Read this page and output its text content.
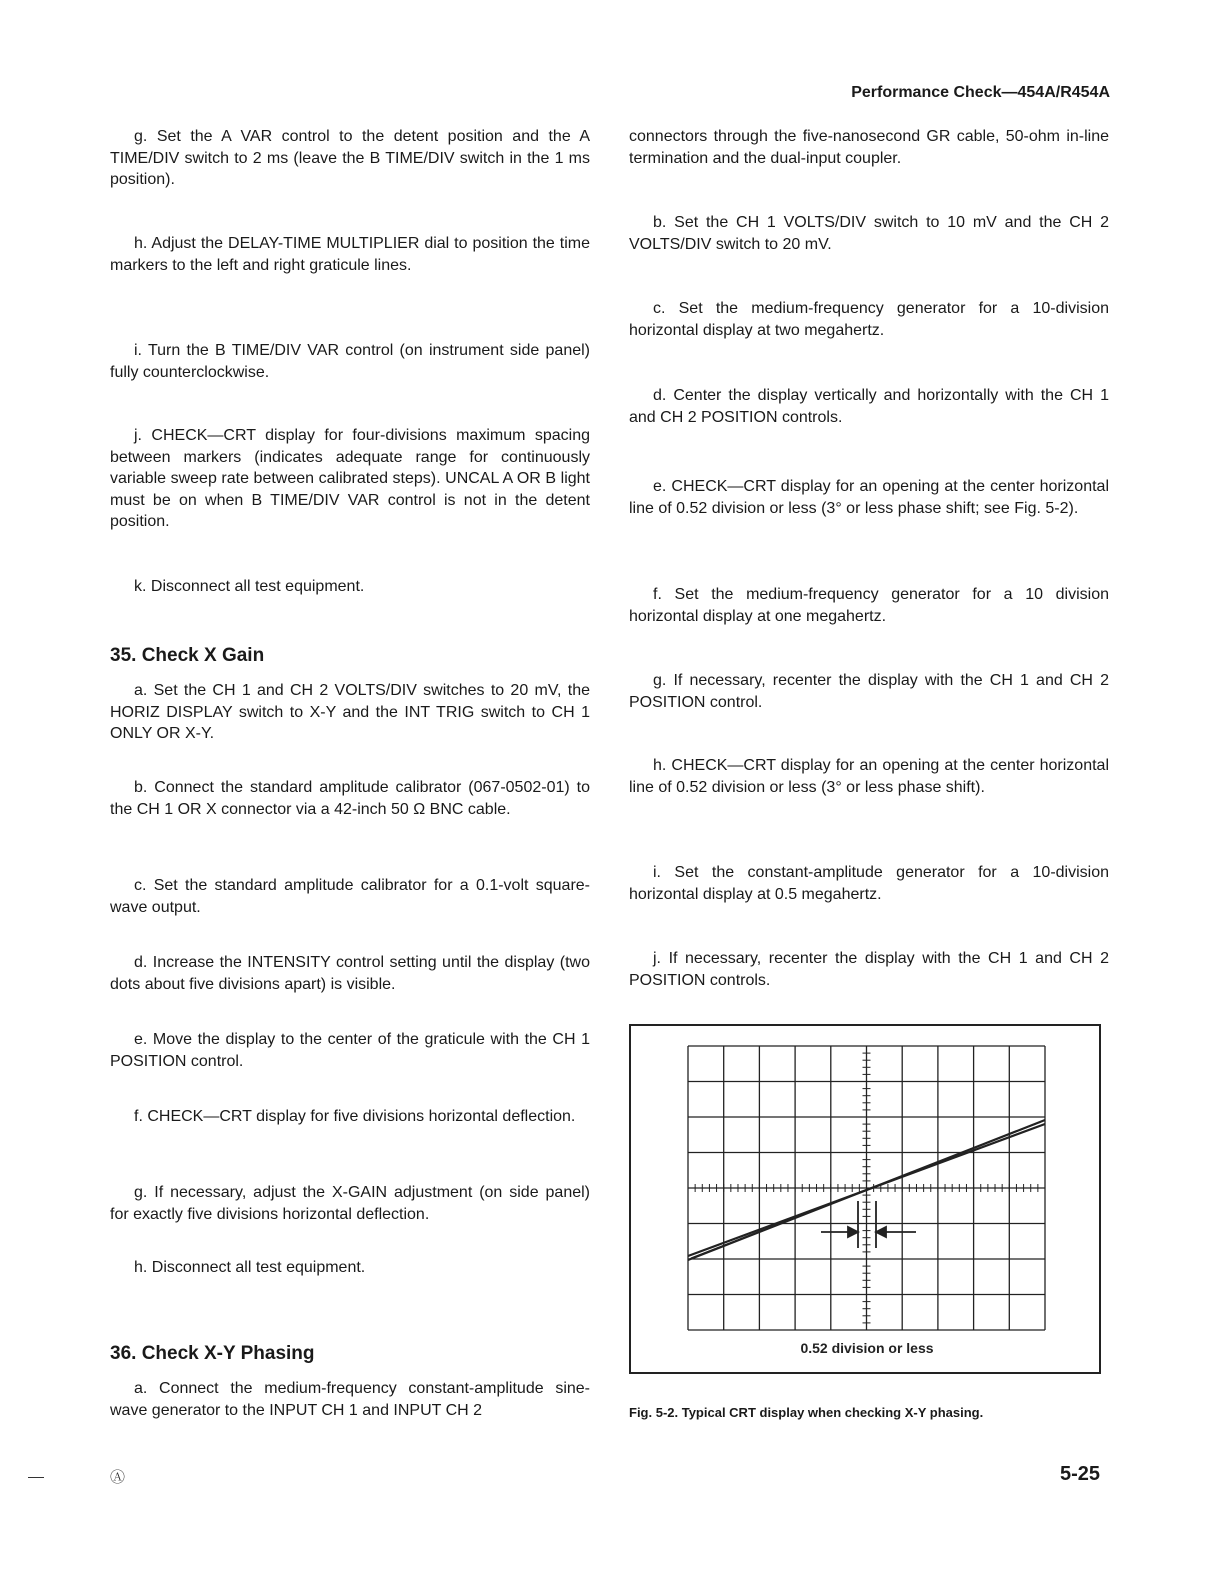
Performance Check—454A/R454A

g. Set the A VAR control to the detent position and the A TIME/DIV switch to 2 ms (leave the B TIME/DIV switch in the 1 ms position).

h. Adjust the DELAY-TIME MULTIPLIER dial to position the time markers to the left and right graticule lines.

i. Turn the B TIME/DIV VAR control (on instrument side panel) fully counterclockwise.

j. CHECK—CRT display for four-divisions maximum spacing between markers (indicates adequate range for continuously variable sweep rate between calibrated steps). UNCAL A OR B light must be on when B TIME/DIV VAR control is not in the detent position.

k. Disconnect all test equipment.

35. Check X Gain

a. Set the CH 1 and CH 2 VOLTS/DIV switches to 20 mV, the HORIZ DISPLAY switch to X-Y and the INT TRIG switch to CH 1 ONLY OR X-Y.

b. Connect the standard amplitude calibrator (067-0502-01) to the CH 1 OR X connector via a 42-inch 50 Ω BNC cable.

c. Set the standard amplitude calibrator for a 0.1-volt square-wave output.

d. Increase the INTENSITY control setting until the display (two dots about five divisions apart) is visible.

e. Move the display to the center of the graticule with the CH 1 POSITION control.

f. CHECK—CRT display for five divisions horizontal deflection.

g. If necessary, adjust the X-GAIN adjustment (on side panel) for exactly five divisions horizontal deflection.

h. Disconnect all test equipment.

36. Check X-Y Phasing

a. Connect the medium-frequency constant-amplitude sine-wave generator to the INPUT CH 1 and INPUT CH 2

connectors through the five-nanosecond GR cable, 50-ohm in-line termination and the dual-input coupler.

b. Set the CH 1 VOLTS/DIV switch to 10 mV and the CH 2 VOLTS/DIV switch to 20 mV.

c. Set the medium-frequency generator for a 10-division horizontal display at two megahertz.

d. Center the display vertically and horizontally with the CH 1 and CH 2 POSITION controls.

e. CHECK—CRT display for an opening at the center horizontal line of 0.52 division or less (3° or less phase shift; see Fig. 5-2).

f. Set the medium-frequency generator for a 10 division horizontal display at one megahertz.

g. If necessary, recenter the display with the CH 1 and CH 2 POSITION control.

h. CHECK—CRT display for an opening at the center horizontal line of 0.52 division or less (3° or less phase shift).

i. Set the constant-amplitude generator for a 10-division horizontal display at 0.5 megahertz.

j. If necessary, recenter the display with the CH 1 and CH 2 POSITION controls.

0.52 division or less
Fig. 5-2. Typical CRT display when checking X-Y phasing.
Ⓐ	5-25
